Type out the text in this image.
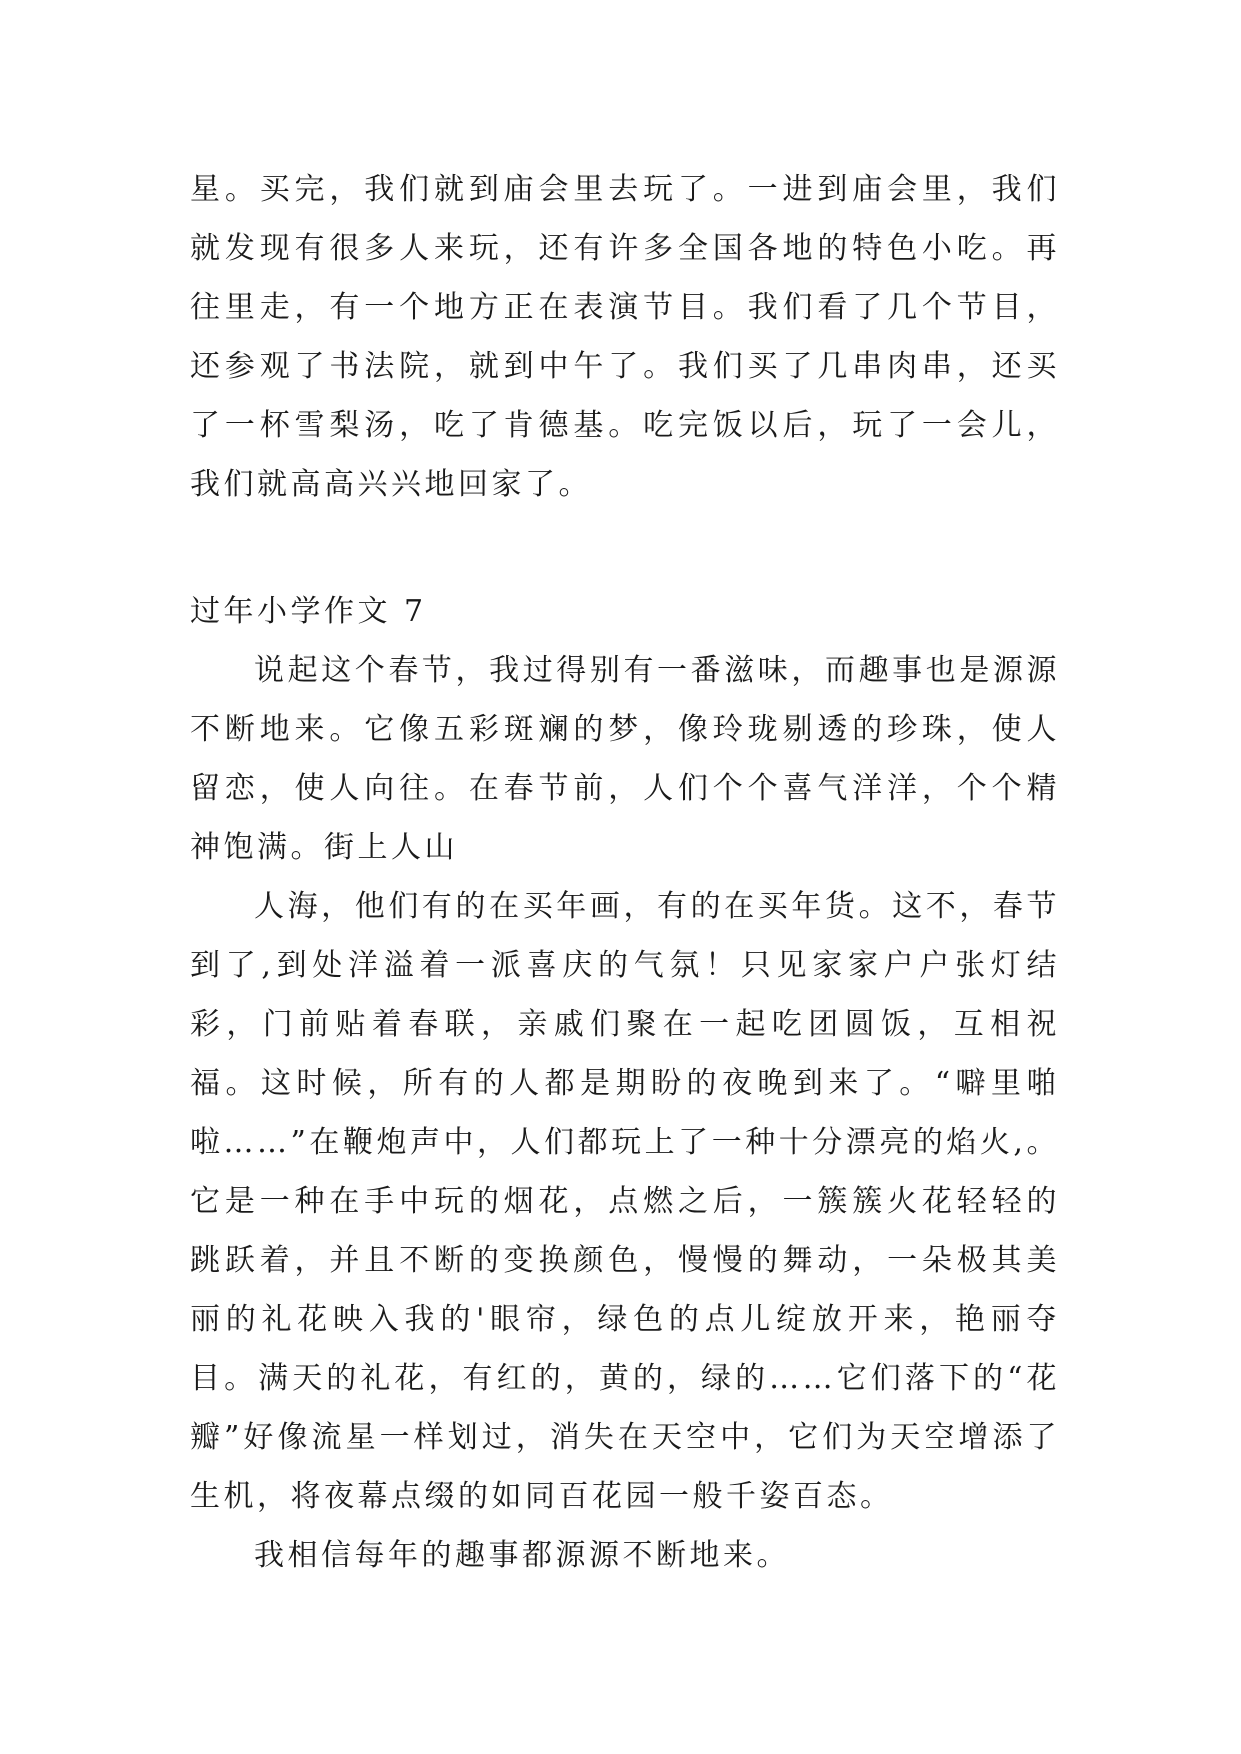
星。买完，我们就到庙会里去玩了。一进到庙会里，我们就发现有很多人来玩，还有许多全国各地的特色小吃。再往里走，有一个地方正在表演节目。我们看了几个节目，还参观了书法院，就到中午了。我们买了几串肉串，还买了一杯雪梨汤，吃了肯德基。吃完饭以后，玩了一会儿，我们就高高兴兴地回家了。

过年小学作文 7

说起这个春节，我过得别有一番滋味，而趣事也是源源不断地来。它像五彩斑斓的梦，像玲珑剔透的珍珠，使人留恋，使人向往。在春节前，人们个个喜气洋洋，个个精神饱满。街上人山

人海，他们有的在买年画，有的在买年货。这不，春节到了,到处洋溢着一派喜庆的气氛！只见家家户户张灯结彩，门前贴着春联，亲戚们聚在一起吃团圆饭，互相祝福。这时候，所有的人都是期盼的夜晚到来了。“噼里啪啦……”在鞭炮声中，人们都玩上了一种十分漂亮的焰火,。它是一种在手中玩的烟花，点燃之后，一簇簇火花轻轻的跳跃着，并且不断的变换颜色，慢慢的舞动，一朵极其美丽的礼花映入我的'眼帘，绿色的点儿绽放开来，艳丽夺目。满天的礼花，有红的，黄的，绿的……它们落下的“花瓣”好像流星一样划过，消失在天空中，它们为天空增添了生机，将夜幕点缀的如同百花园一般千姿百态。

我相信每年的趣事都源源不断地来。
